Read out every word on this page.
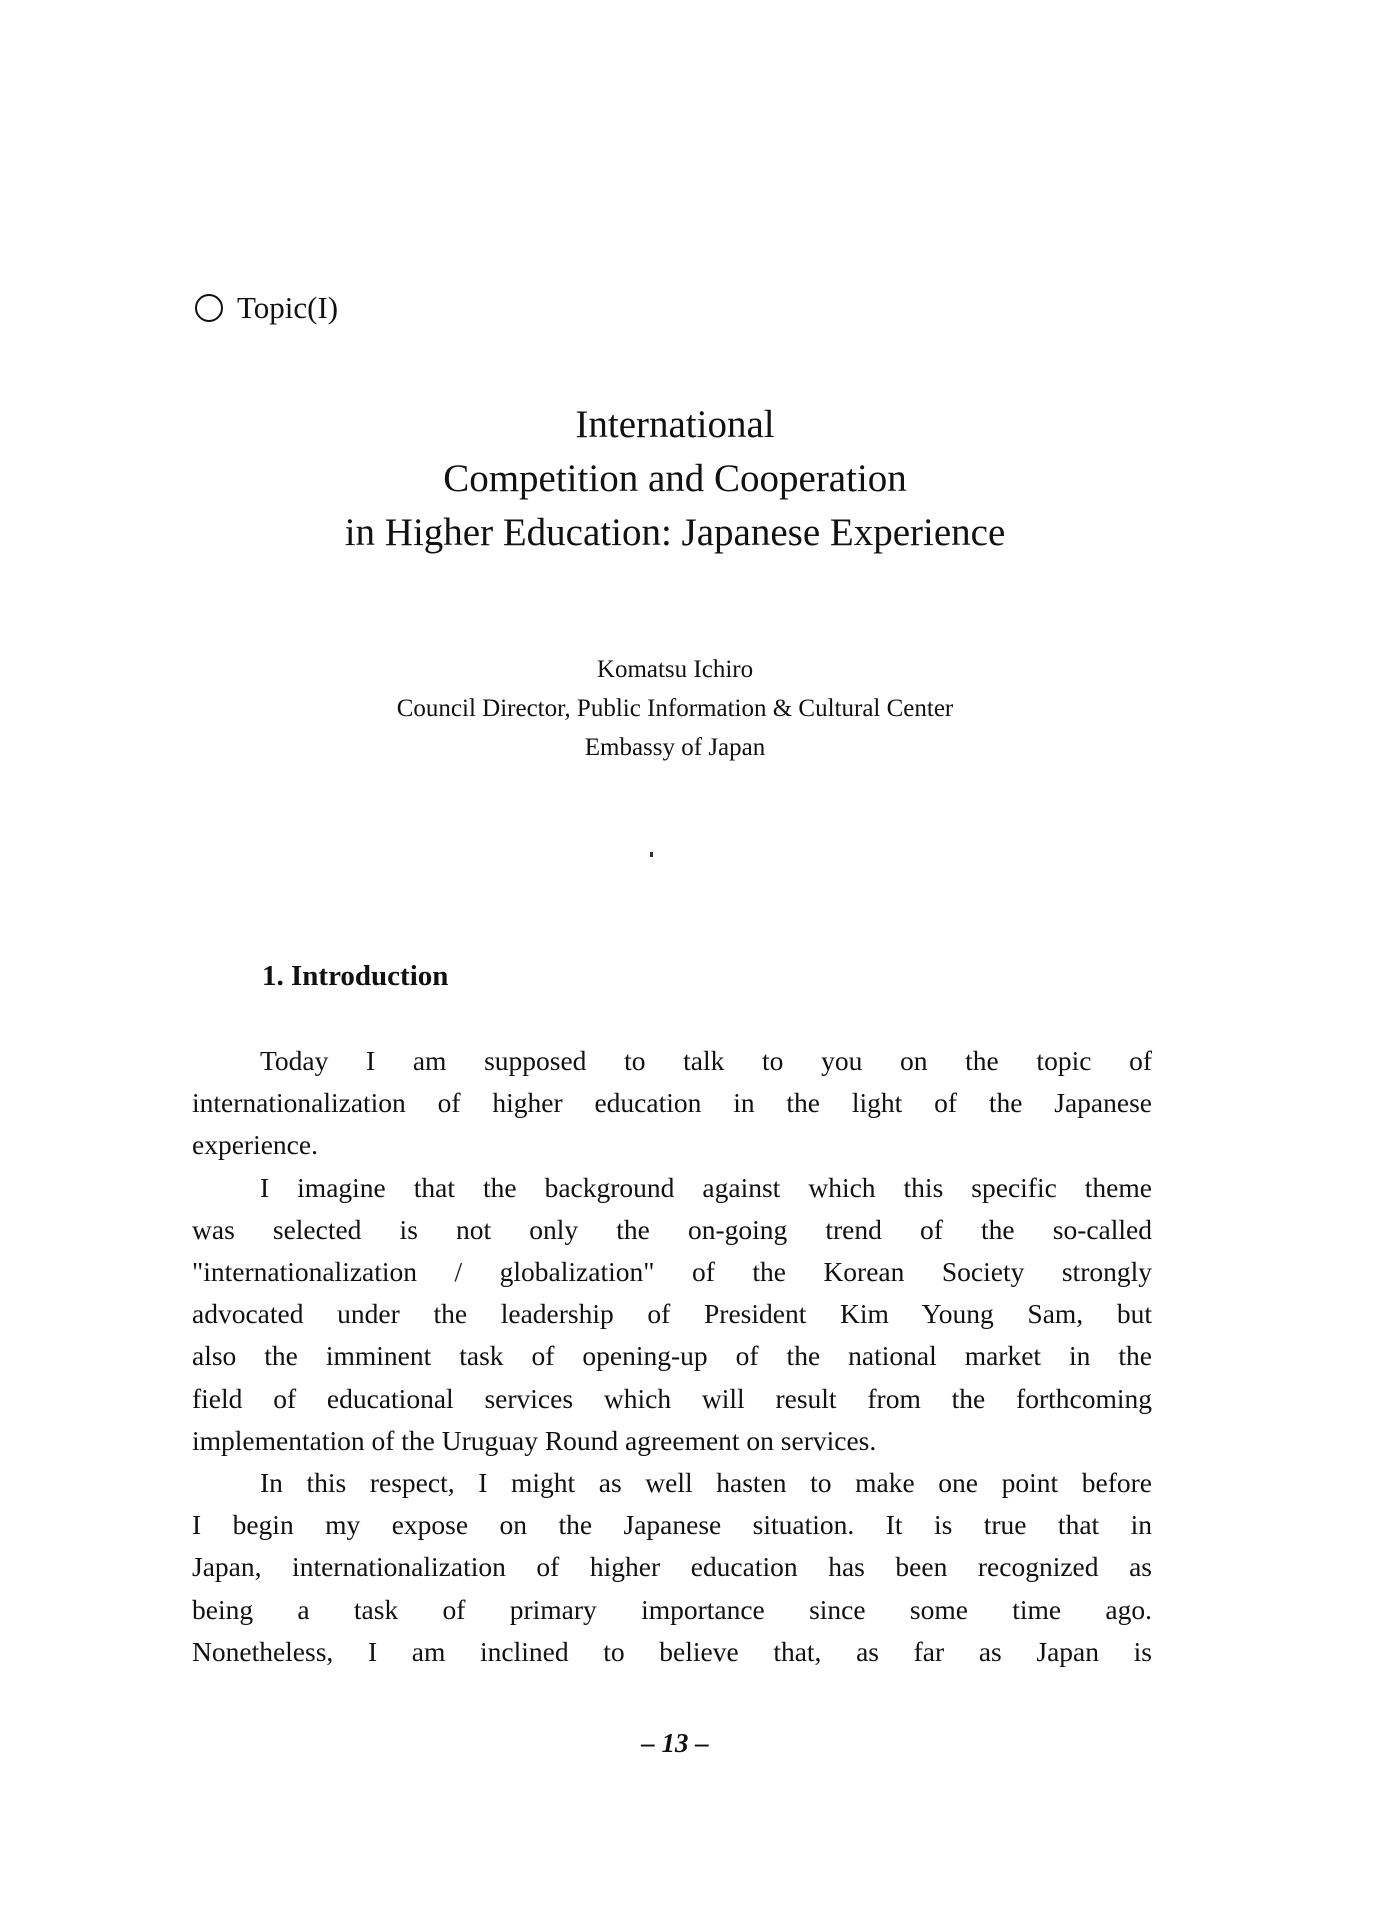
Topic(I)
International
Competition and Cooperation
in Higher Education: Japanese Experience
Komatsu Ichiro
Council Director, Public Information & Cultural Center
Embassy of Japan
1. Introduction
Today I am supposed to talk to you on the topic of
internationalization of higher education in the light of the Japanese
experience.
I imagine that the background against which this specific theme
was selected is not only the on-going trend of the so-called
"internationalization / globalization" of the Korean Society strongly
advocated under the leadership of President Kim Young Sam, but
also the imminent task of opening-up of the national market in the
field of educational services which will result from the forthcoming
implementation of the Uruguay Round agreement on services.
In this respect, I might as well hasten to make one point before
I begin my expose on the Japanese situation. It is true that in
Japan, internationalization of higher education has been recognized as
being a task of primary importance since some time ago.
Nonetheless, I am inclined to believe that, as far as Japan is
– 13 –
